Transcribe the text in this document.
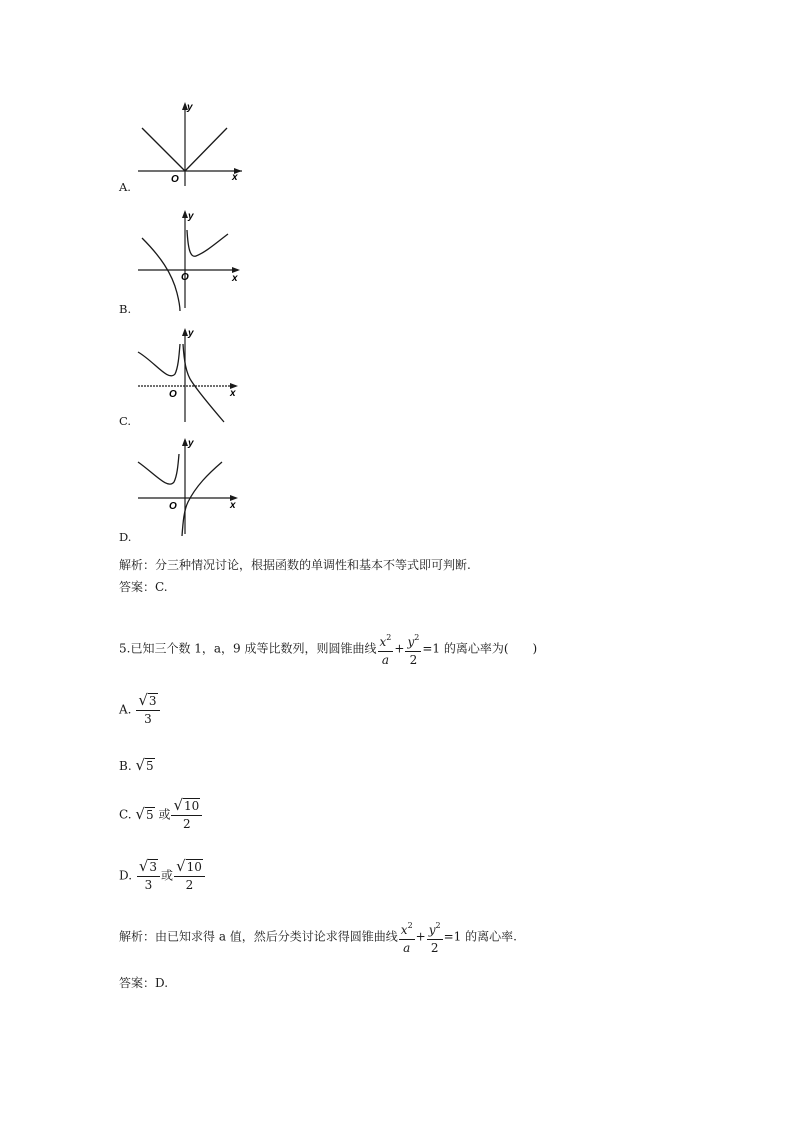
y
x
O
A.
y
x
O
B.
y
x
O
C.
y
x
O
D.
解析：分三种情况讨论，根据函数的单调性和基本不等式即可判断.
答案：C.
5.已知三个数 1，a，9 成等比数列，则圆锥曲线 $\frac{x^2}{a} + \frac{y^2}{2} =1$ 的离心率为(　　)
A. $\frac{√3}{3}$
B. √5
C. √5 或 $\frac{√10}{2}$
D. $\frac{√3}{3}$ 或 $\frac{√10}{2}$
解析：由已知求得 a 值，然后分类讨论求得圆锥曲线 $\frac{x^2}{a} + \frac{y^2}{2} =1$ 的离心率.
答案：D.
